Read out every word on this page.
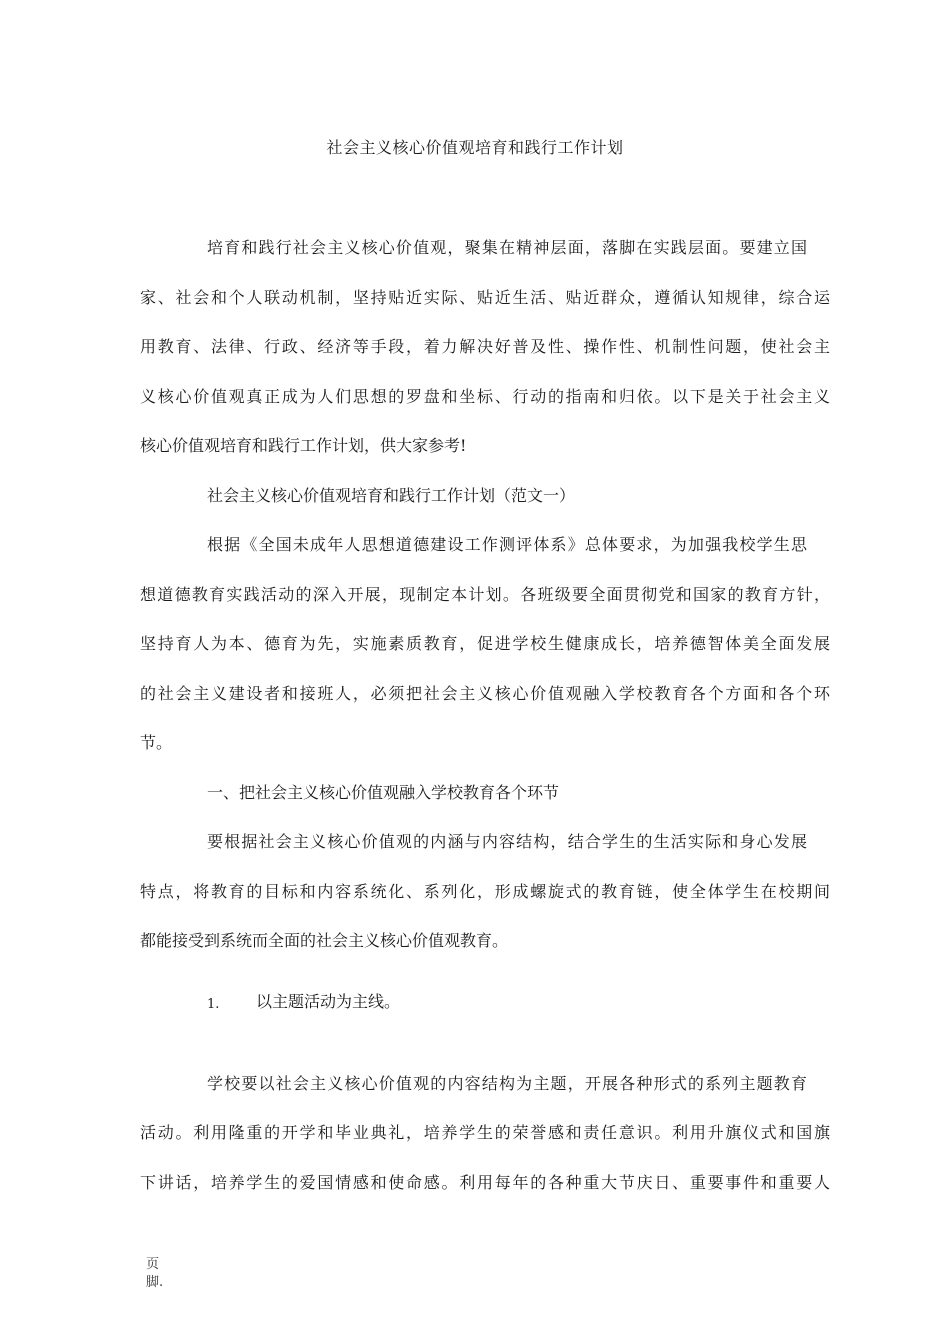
社会主义核心价值观培育和践行工作计划
培育和践行社会主义核心价值观，聚集在精神层面，落脚在实践层面。要建立国
家、社会和个人联动机制，坚持贴近实际、贴近生活、贴近群众，遵循认知规律，综合运
用教育、法律、行政、经济等手段，着力解决好普及性、操作性、机制性问题，使社会主
义核心价值观真正成为人们思想的罗盘和坐标、行动的指南和归依。以下是关于社会主义
核心价值观培育和践行工作计划，供大家参考!
社会主义核心价值观培育和践行工作计划（范文一）
根据《全国未成年人思想道德建设工作测评体系》总体要求，为加强我校学生思
想道德教育实践活动的深入开展，现制定本计划。各班级要全面贯彻党和国家的教育方针，
坚持育人为本、德育为先，实施素质教育，促进学校生健康成长，培养德智体美全面发展
的社会主义建设者和接班人，必须把社会主义核心价值观融入学校教育各个方面和各个环
节。
一、把社会主义核心价值观融入学校教育各个环节
要根据社会主义核心价值观的内涵与内容结构，结合学生的生活实际和身心发展
特点，将教育的目标和内容系统化、系列化，形成螺旋式的教育链，使全体学生在校期间
都能接受到系统而全面的社会主义核心价值观教育。
1. 以主题活动为主线。
学校要以社会主义核心价值观的内容结构为主题，开展各种形式的系列主题教育
活动。利用隆重的开学和毕业典礼，培养学生的荣誉感和责任意识。利用升旗仪式和国旗
下讲话，培养学生的爱国情感和使命感。利用每年的各种重大节庆日、重要事件和重要人
页
脚.
